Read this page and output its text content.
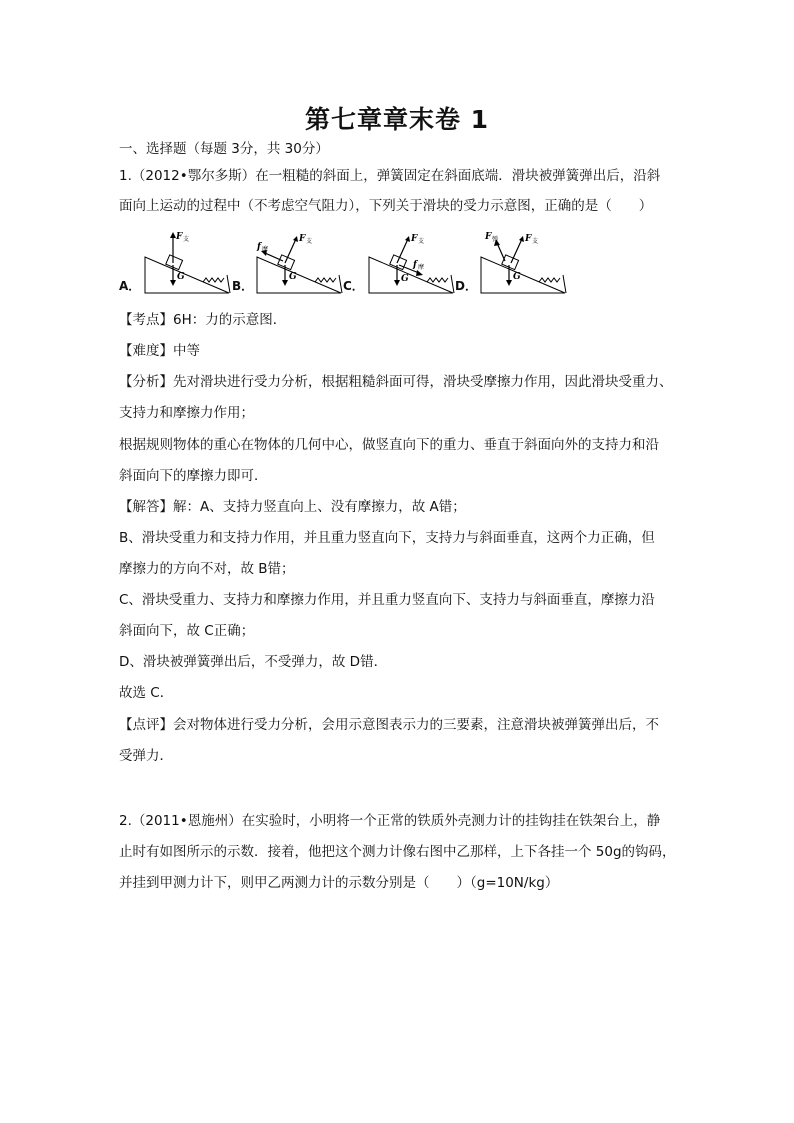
第七章章末卷 1
一、选择题（每题 3分，共 30分）
1.（2012•鄂尔多斯）在一粗糙的斜面上，弹簧固定在斜面底端．滑块被弹簧弹出后，沿斜
面向上运动的过程中（不考虑空气阻力），下列关于滑块的受力示意图，正确的是（　　）
A．	B．	C．	D．
F 支
G
f 摩
F 支
G
F 支
f 摩
G
F 弹	F 支
G
【考点】6H：力的示意图．
【难度】中等
【分析】先对滑块进行受力分析，根据粗糙斜面可得，滑块受摩擦力作用，因此滑块受重力、
支持力和摩擦力作用；
根据规则物体的重心在物体的几何中心，做竖直向下的重力、垂直于斜面向外的支持力和沿
斜面向下的摩擦力即可．
【解答】解：A、支持力竖直向上、没有摩擦力，故 A错；
B、滑块受重力和支持力作用，并且重力竖直向下，支持力与斜面垂直，这两个力正确，但
摩擦力的方向不对，故 B错；
C、滑块受重力、支持力和摩擦力作用，并且重力竖直向下、支持力与斜面垂直，摩擦力沿
斜面向下，故 C正确；
D、滑块被弹簧弹出后，不受弹力，故 D错．
故选 C．
【点评】会对物体进行受力分析，会用示意图表示力的三要素，注意滑块被弹簧弹出后，不
受弹力．
2.（2011•恩施州）在实验时，小明将一个正常的铁质外壳测力计的挂钩挂在铁架台上，静
止时有如图所示的示数．接着，他把这个测力计像右图中乙那样，上下各挂一个 50g的钩码，
并挂到甲测力计下，则甲乙两测力计的示数分别是（　　）（g=10N/kg）
